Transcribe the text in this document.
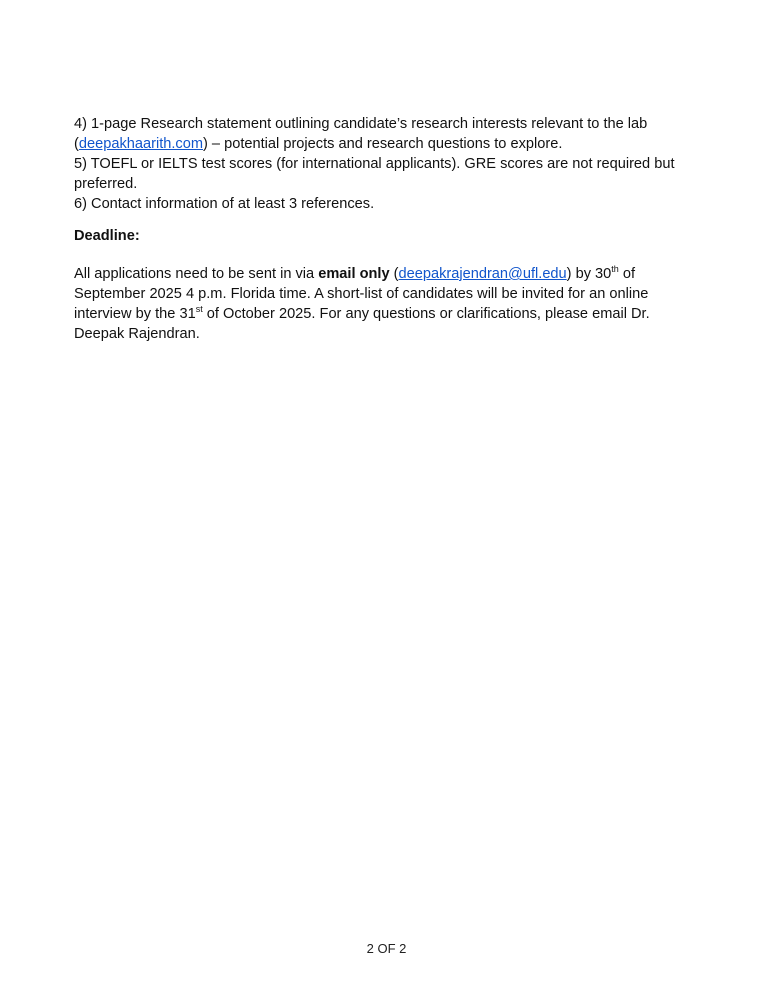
4) 1-page Research statement outlining candidate’s research interests relevant to the lab (deepakhaarith.com) – potential projects and research questions to explore.
5) TOEFL or IELTS test scores (for international applicants). GRE scores are not required but preferred.
6) Contact information of at least 3 references.
Deadline:
All applications need to be sent in via email only (deepakrajendran@ufl.edu) by 30th of September 2025 4 p.m. Florida time. A short-list of candidates will be invited for an online interview by the 31st of October 2025. For any questions or clarifications, please email Dr. Deepak Rajendran.
2 OF 2
